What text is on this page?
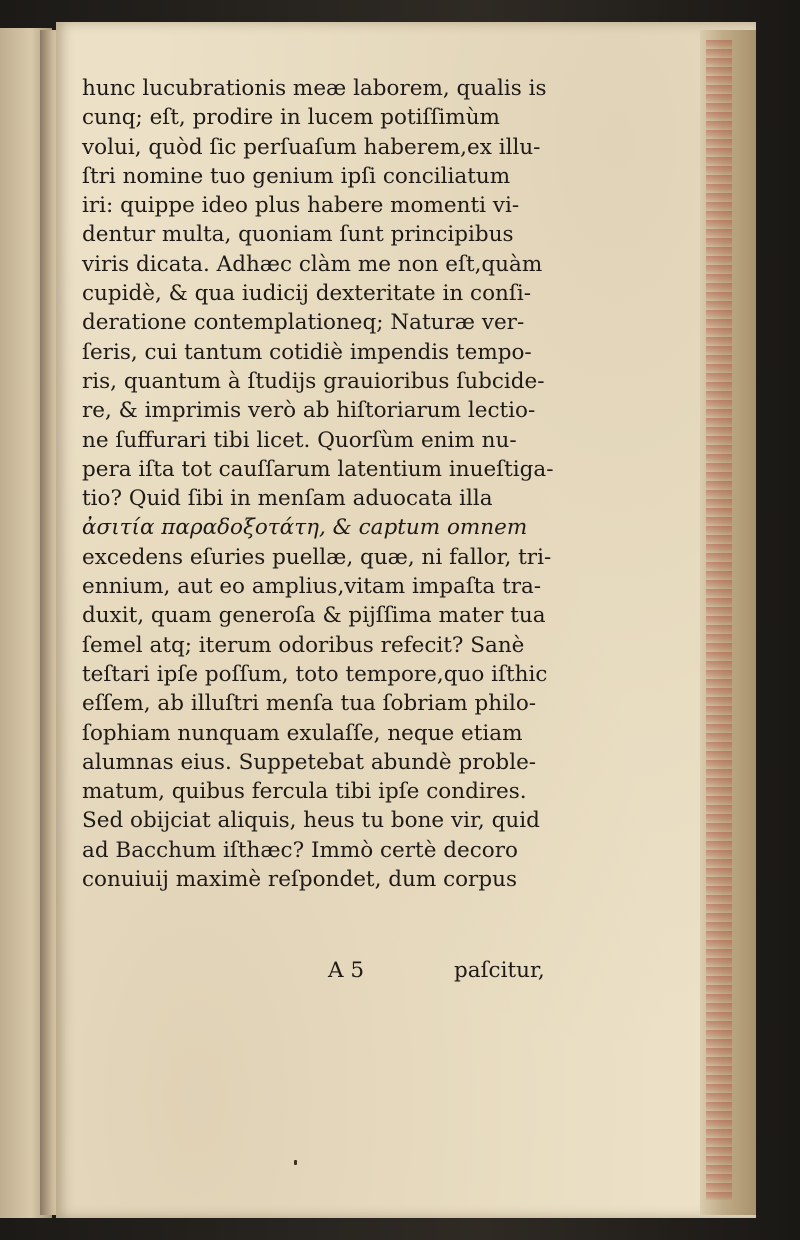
hunc lucubrationis meæ laborem, qualis is
cunq; eſt, prodire in lucem potiſſimùm
volui, quòd ſic perſuaſum haberem,ex illu-
ſtri nomine tuo genium ipſi conciliatum
iri: quippe ideo plus habere momenti vi-
dentur multa, quoniam ſunt principibus
viris dicata. Adhæc clàm me non eſt,quàm
cupidè, & qua iudicij dexteritate in conſi-
deratione contemplationeq; Naturæ ver-
ſeris, cui tantum cotidiè impendis tempo-
ris, quantum à ſtudijs grauioribus ſubcide-
re, & imprimis verò ab hiſtoriarum lectio-
ne ſuffurari tibi licet. Quorſùm enim nu-
pera iſta tot cauſſarum latentium inueſtiga-
tio? Quid ſibi in menſam aduocata illa
ἀσιτία παραδοξοτάτη, & captum omnem
excedens eſuries puellæ, quæ, ni fallor, tri-
ennium, aut eo amplius,vitam impaſta tra-
duxit, quam generoſa & pijſſima mater tua
ſemel atq; iterum odoribus refecit? Sanè
teſtari ipſe poſſum, toto tempore,quo iſthic
eſſem, ab illuſtri menſa tua ſobriam philo-
ſophiam nunquam exulaſſe, neque etiam
alumnas eius. Suppetebat abundè proble-
matum, quibus fercula tibi ipſe condires.
Sed obijciat aliquis, heus tu bone vir, quid
ad Bacchum iſthæc? Immò certè decoro
conuiuij maximè reſpondet, dum corpus
A 5	paſcitur,
